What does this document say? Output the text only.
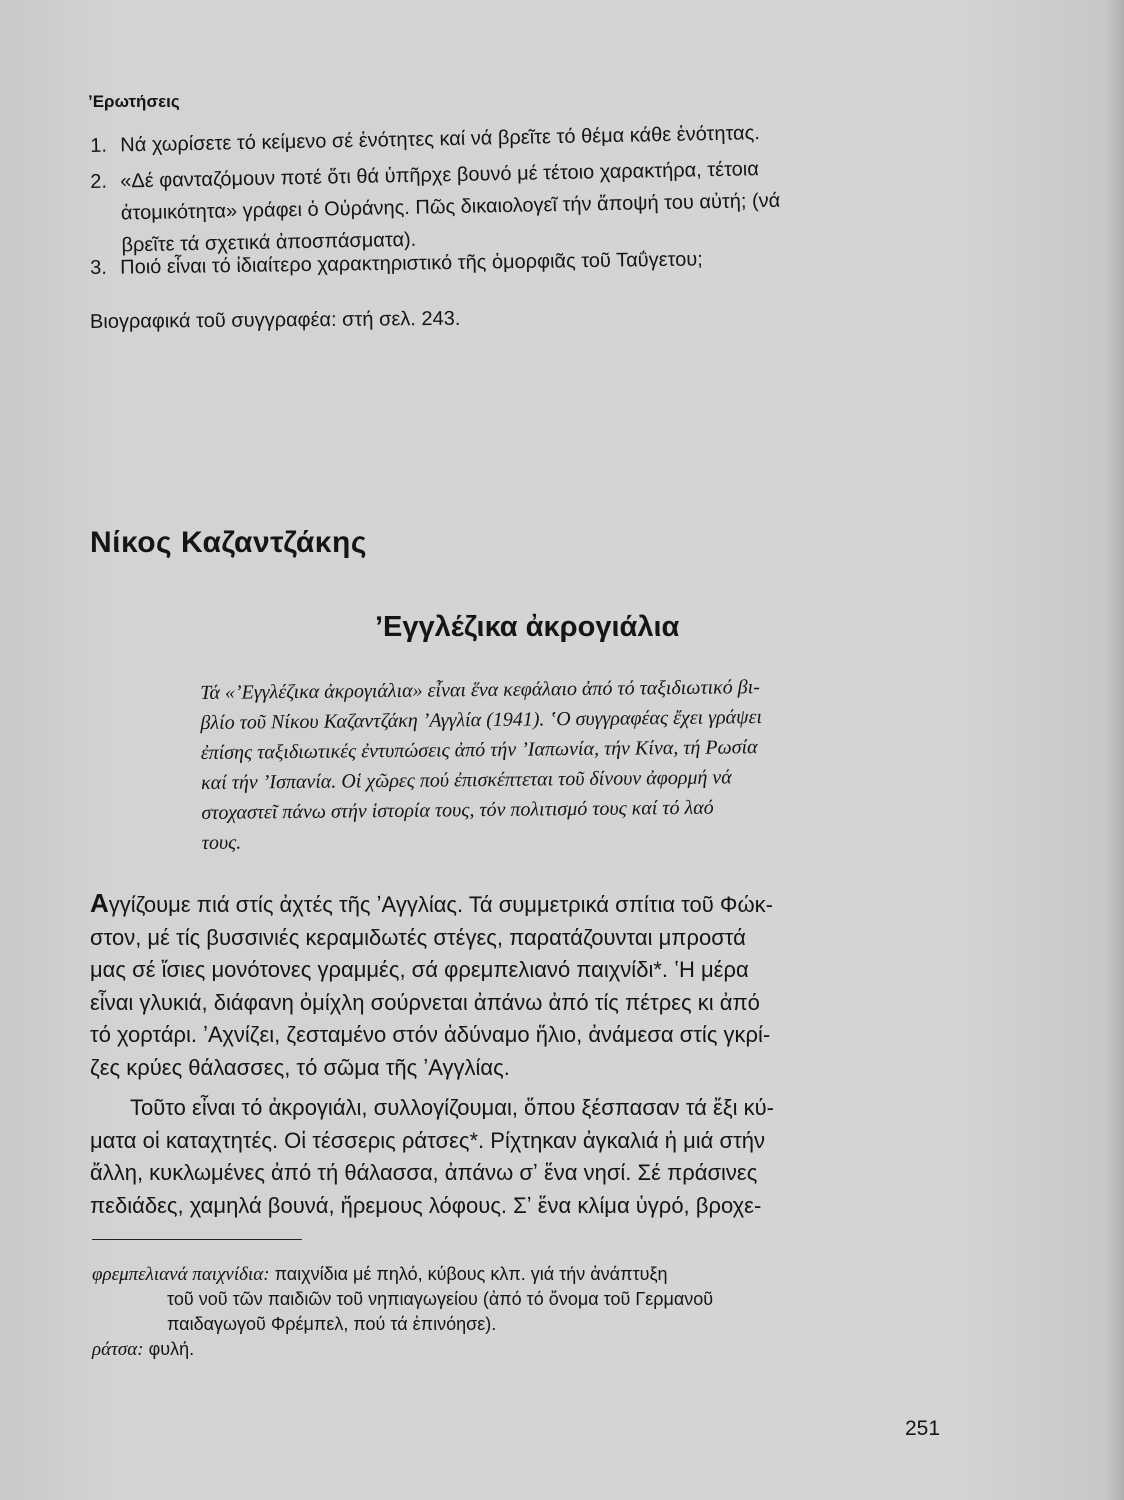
ʼΕρωτήσεις
1. Νά χωρίσετε τό κείμενο σέ ἑνότητες καί νά βρεῖτε τό θέμα κάθε ἑνότητας.
2. «Δέ φανταζόμουν ποτέ ὅτι θά ὑπῆρχε βουνό μέ τέτοιο χαρακτήρα, τέτοια
ἀτομικότητα» γράφει ὁ Οὐράνης. Πῶς δικαιολογεῖ τήν ἄποψή του αὐτή; (νά
βρεῖτε τά σχετικά ἀποσπάσματα).
3. Ποιό εἶναι τό ἰδιαίτερο χαρακτηριστικό τῆς ὀμορφιᾶς τοῦ Ταΰγετου;
Βιογραφικά τοῦ συγγραφέα: στή σελ. 243.
Νίκος Καζαντζάκης
ʼΕγγλέζικα ἀκρογιάλια
Τά «ʼΕγγλέζικα ἀκρογιάλια» εἶναι ἕνα κεφάλαιο ἀπό τό ταξιδιωτικό βι-
βλίο τοῦ Νίκου Καζαντζάκη ʼΑγγλία (1941). ʽΟ συγγραφέας ἔχει γράψει
ἐπίσης ταξιδιωτικές ἐντυπώσεις ἀπό τήν ʼΙαπωνία, τήν Κίνα, τή Ρωσία
καί τήν ʼΙσπανία. Οἱ χῶρες πού ἐπισκέπτεται τοῦ δίνουν ἀφορμή νά
στοχαστεῖ πάνω στήν ἱστορία τους, τόν πολιτισμό τους καί τό λαό
τους.
Αγγίζουμε πιά στίς ἀχτές τῆς ʼΑγγλίας. Τά συμμετρικά σπίτια τοῦ Φώκ-
στον, μέ τίς βυσσινιές κεραμιδωτές στέγες, παρατάζουνται μπροστά
μας σέ ἴσιες μονότονες γραμμές, σά φρεμπελιανό παιχνίδι*. ʽΗ μέρα
εἶναι γλυκιά, διάφανη ὀμίχλη σούρνεται ἀπάνω ἀπό τίς πέτρες κι ἀπό
τό χορτάρι. ʼΑχνίζει, ζεσταμένο στόν ἀδύναμο ἥλιο, ἀνάμεσα στίς γκρί-
ζες κρύες θάλασσες, τό σῶμα τῆς ʼΑγγλίας.
Τοῦτο εἶναι τό ἀκρογιάλι, συλλογίζουμαι, ὅπου ξέσπασαν τά ἔξι κύ-
ματα οἱ καταχτητές. Οἱ τέσσερις ράτσες*. Ρίχτηκαν ἀγκαλιά ἡ μιά στήν
ἄλλη, κυκλωμένες ἀπό τή θάλασσα, ἀπάνω σʼ ἕνα νησί. Σέ πράσινες
πεδιάδες, χαμηλά βουνά, ἤρεμους λόφους. Σʼ ἕνα κλίμα ὑγρό, βροχε-
φρεμπελιανά παιχνίδια: παιχνίδια μέ πηλό, κύβους κλπ. γιά τήν ἀνάπτυξη
τοῦ νοῦ τῶν παιδιῶν τοῦ νηπιαγωγείου (ἀπό τό ὄνομα τοῦ Γερμανοῦ
παιδαγωγοῦ Φρέμπελ, πού τά ἐπινόησε).
ράτσα: φυλή.
251
